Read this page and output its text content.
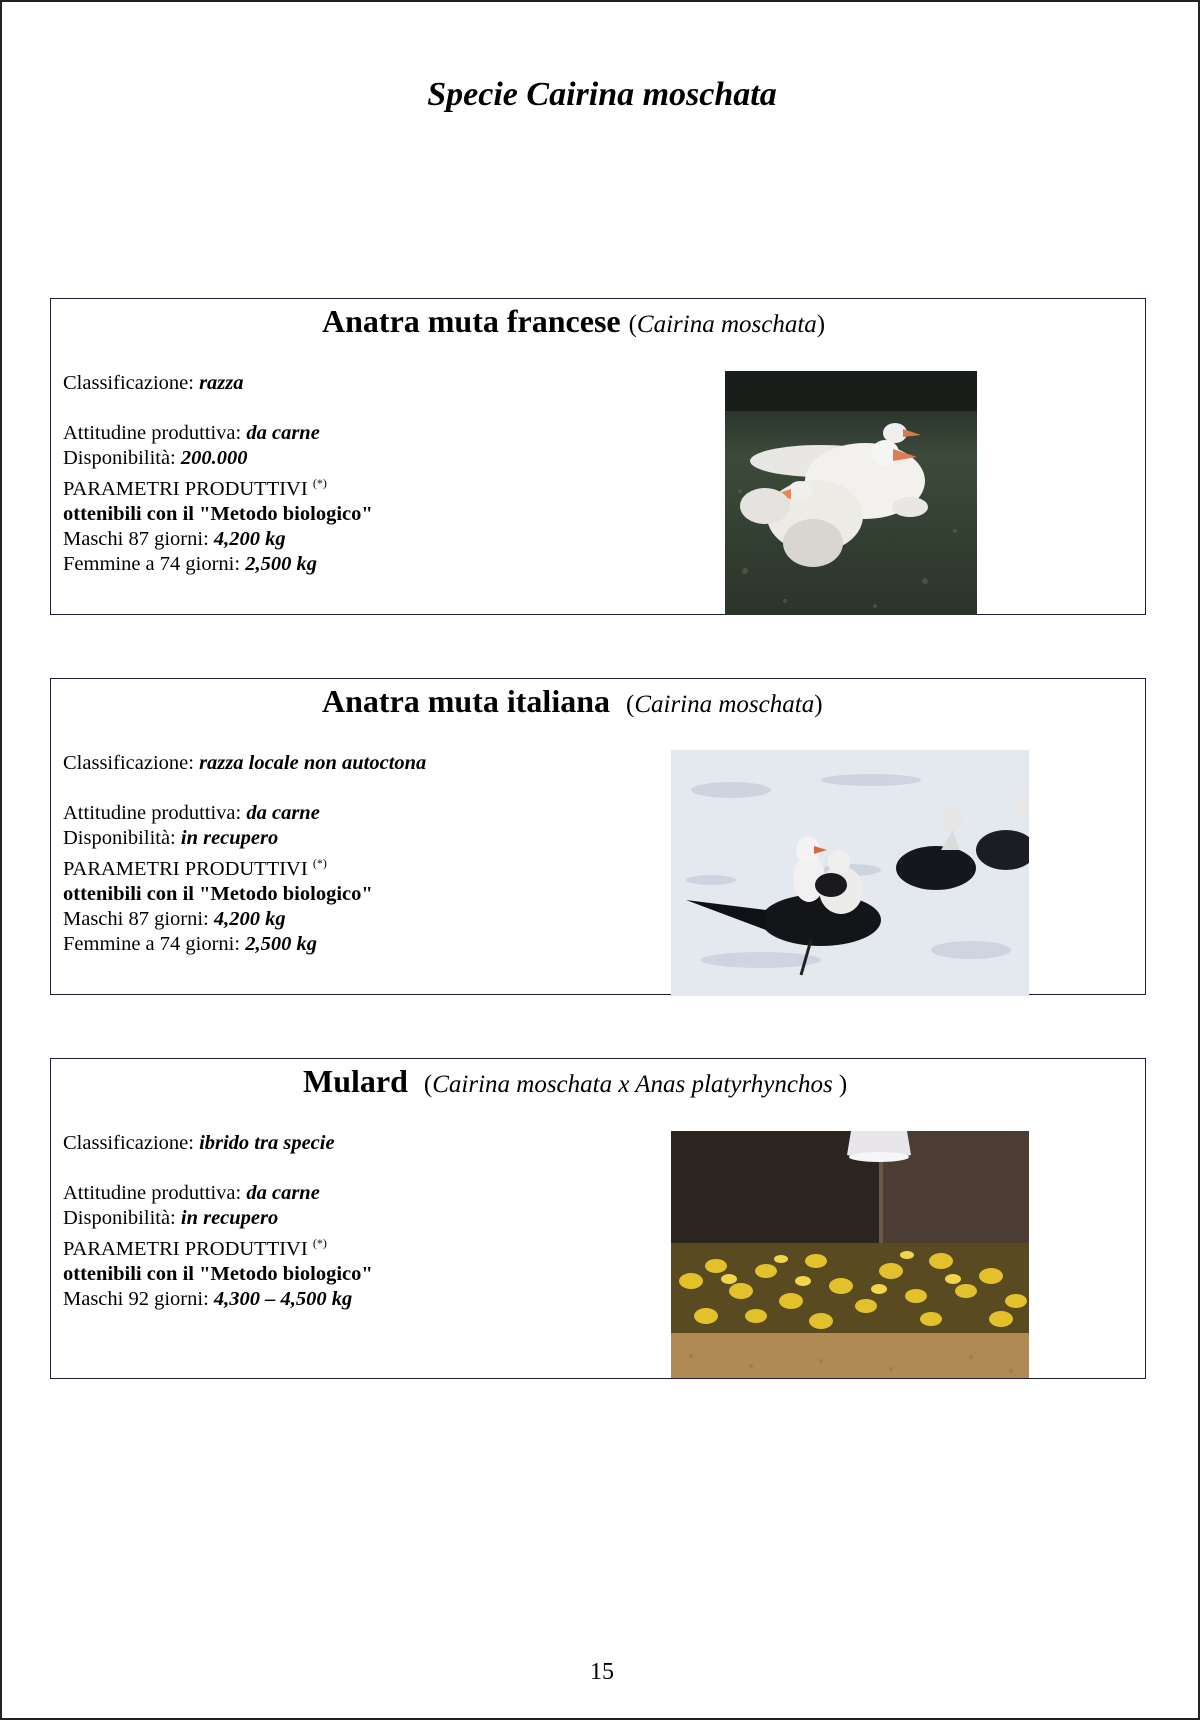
Specie Cairina moschata
Anatra muta francese (Cairina moschata)
Classificazione: razza
Attitudine produttiva: da carne
Disponibilità: 200.000
PARAMETRI PRODUTTIVI (*)
ottenibili con il "Metodo biologico"
Maschi 87 giorni: 4,200 kg
Femmine a 74 giorni: 2,500 kg
Anatra muta italiana (Cairina moschata)
Classificazione: razza locale non autoctona
Attitudine produttiva: da carne
Disponibilità: in recupero
PARAMETRI PRODUTTIVI (*)
ottenibili con il "Metodo biologico"
Maschi 87 giorni: 4,200 kg
Femmine a 74 giorni: 2,500 kg
Mulard (Cairina moschata x Anas platyrhynchos )
Classificazione: ibrido tra specie
Attitudine produttiva: da carne
Disponibilità: in recupero
PARAMETRI PRODUTTIVI (*)
ottenibili con il "Metodo biologico"
Maschi 92 giorni: 4,300 – 4,500 kg
15
